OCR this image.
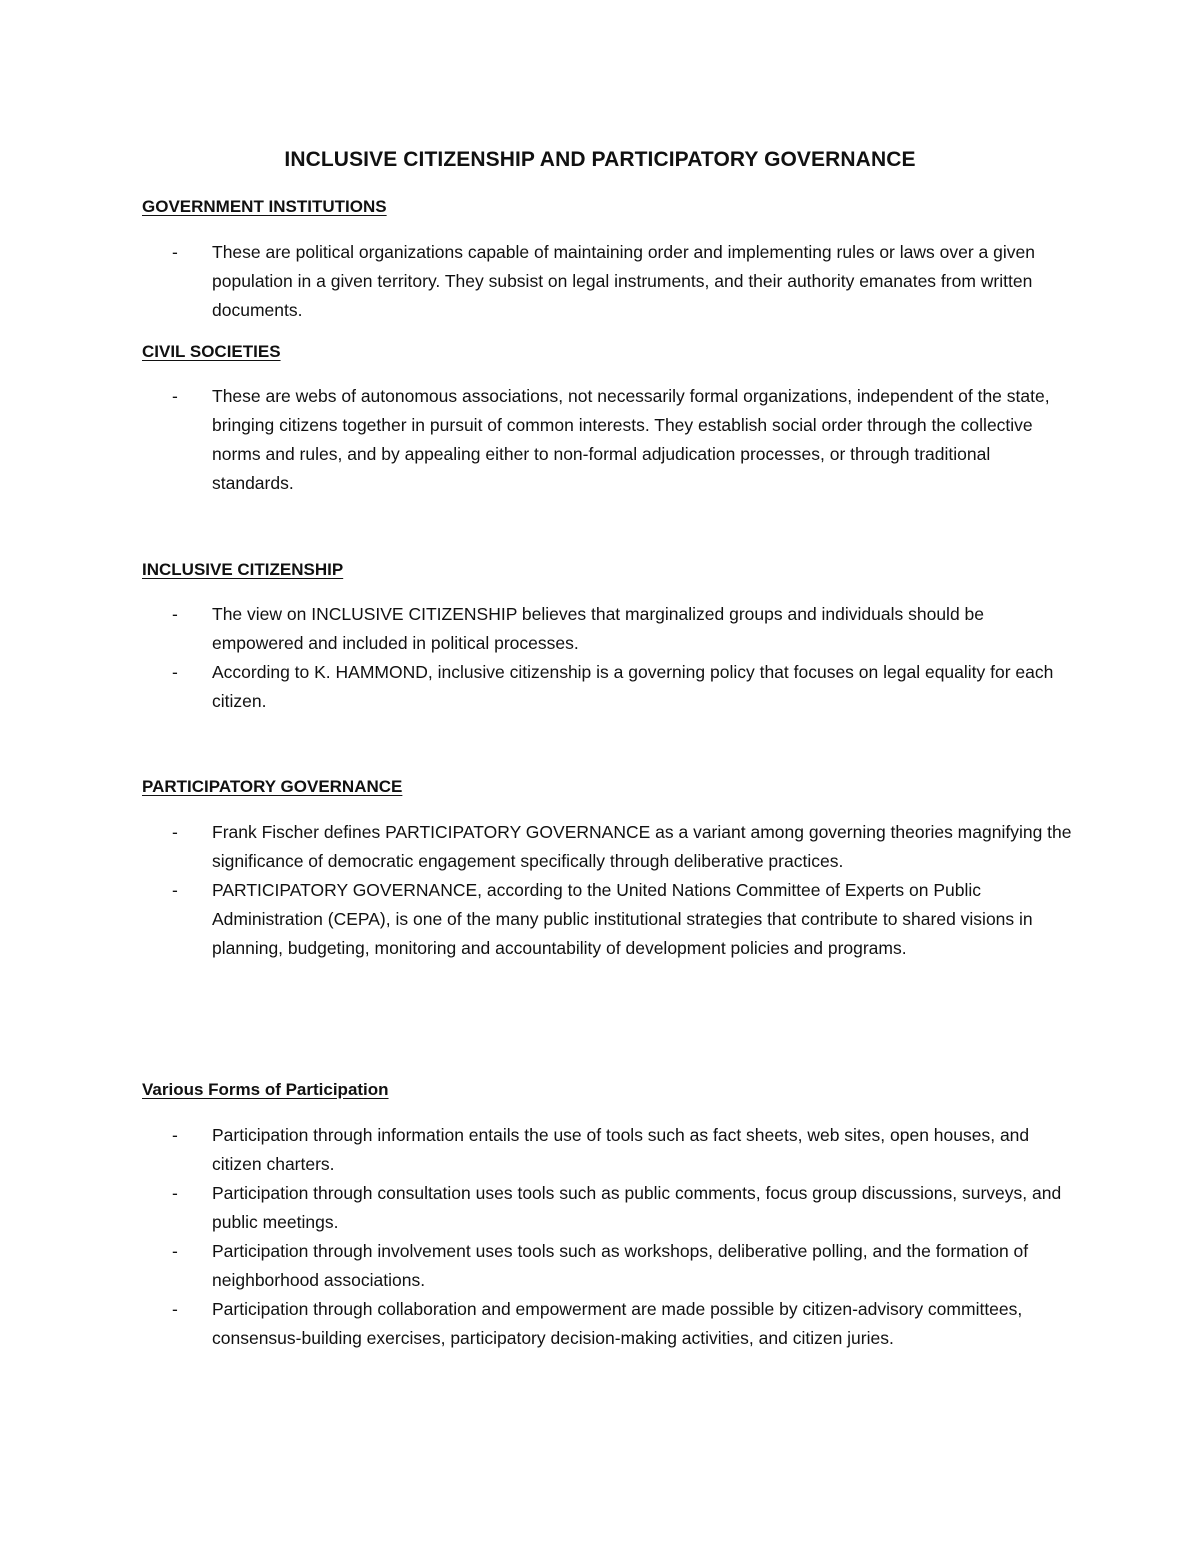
INCLUSIVE CITIZENSHIP AND PARTICIPATORY GOVERNANCE
GOVERNMENT INSTITUTIONS
- These are political organizations capable of maintaining order and implementing rules or laws over a given population in a given territory. They subsist on legal instruments, and their authority emanates from written documents.
CIVIL SOCIETIES
- These are webs of autonomous associations, not necessarily formal organizations, independent of the state, bringing citizens together in pursuit of common interests. They establish social order through the collective norms and rules, and by appealing either to non-formal adjudication processes, or through traditional standards.
INCLUSIVE CITIZENSHIP
- The view on INCLUSIVE CITIZENSHIP believes that marginalized groups and individuals should be empowered and included in political processes.
- According to K. HAMMOND, inclusive citizenship is a governing policy that focuses on legal equality for each citizen.
PARTICIPATORY GOVERNANCE
- Frank Fischer defines PARTICIPATORY GOVERNANCE as a variant among governing theories magnifying the significance of democratic engagement specifically through deliberative practices.
- PARTICIPATORY GOVERNANCE, according to the United Nations Committee of Experts on Public Administration (CEPA), is one of the many public institutional strategies that contribute to shared visions in planning, budgeting, monitoring and accountability of development policies and programs.
Various Forms of Participation
- Participation through information entails the use of tools such as fact sheets, web sites, open houses, and citizen charters.
- Participation through consultation uses tools such as public comments, focus group discussions, surveys, and public meetings.
- Participation through involvement uses tools such as workshops, deliberative polling, and the formation of neighborhood associations.
- Participation through collaboration and empowerment are made possible by citizen-advisory committees, consensus-building exercises, participatory decision-making activities, and citizen juries.
